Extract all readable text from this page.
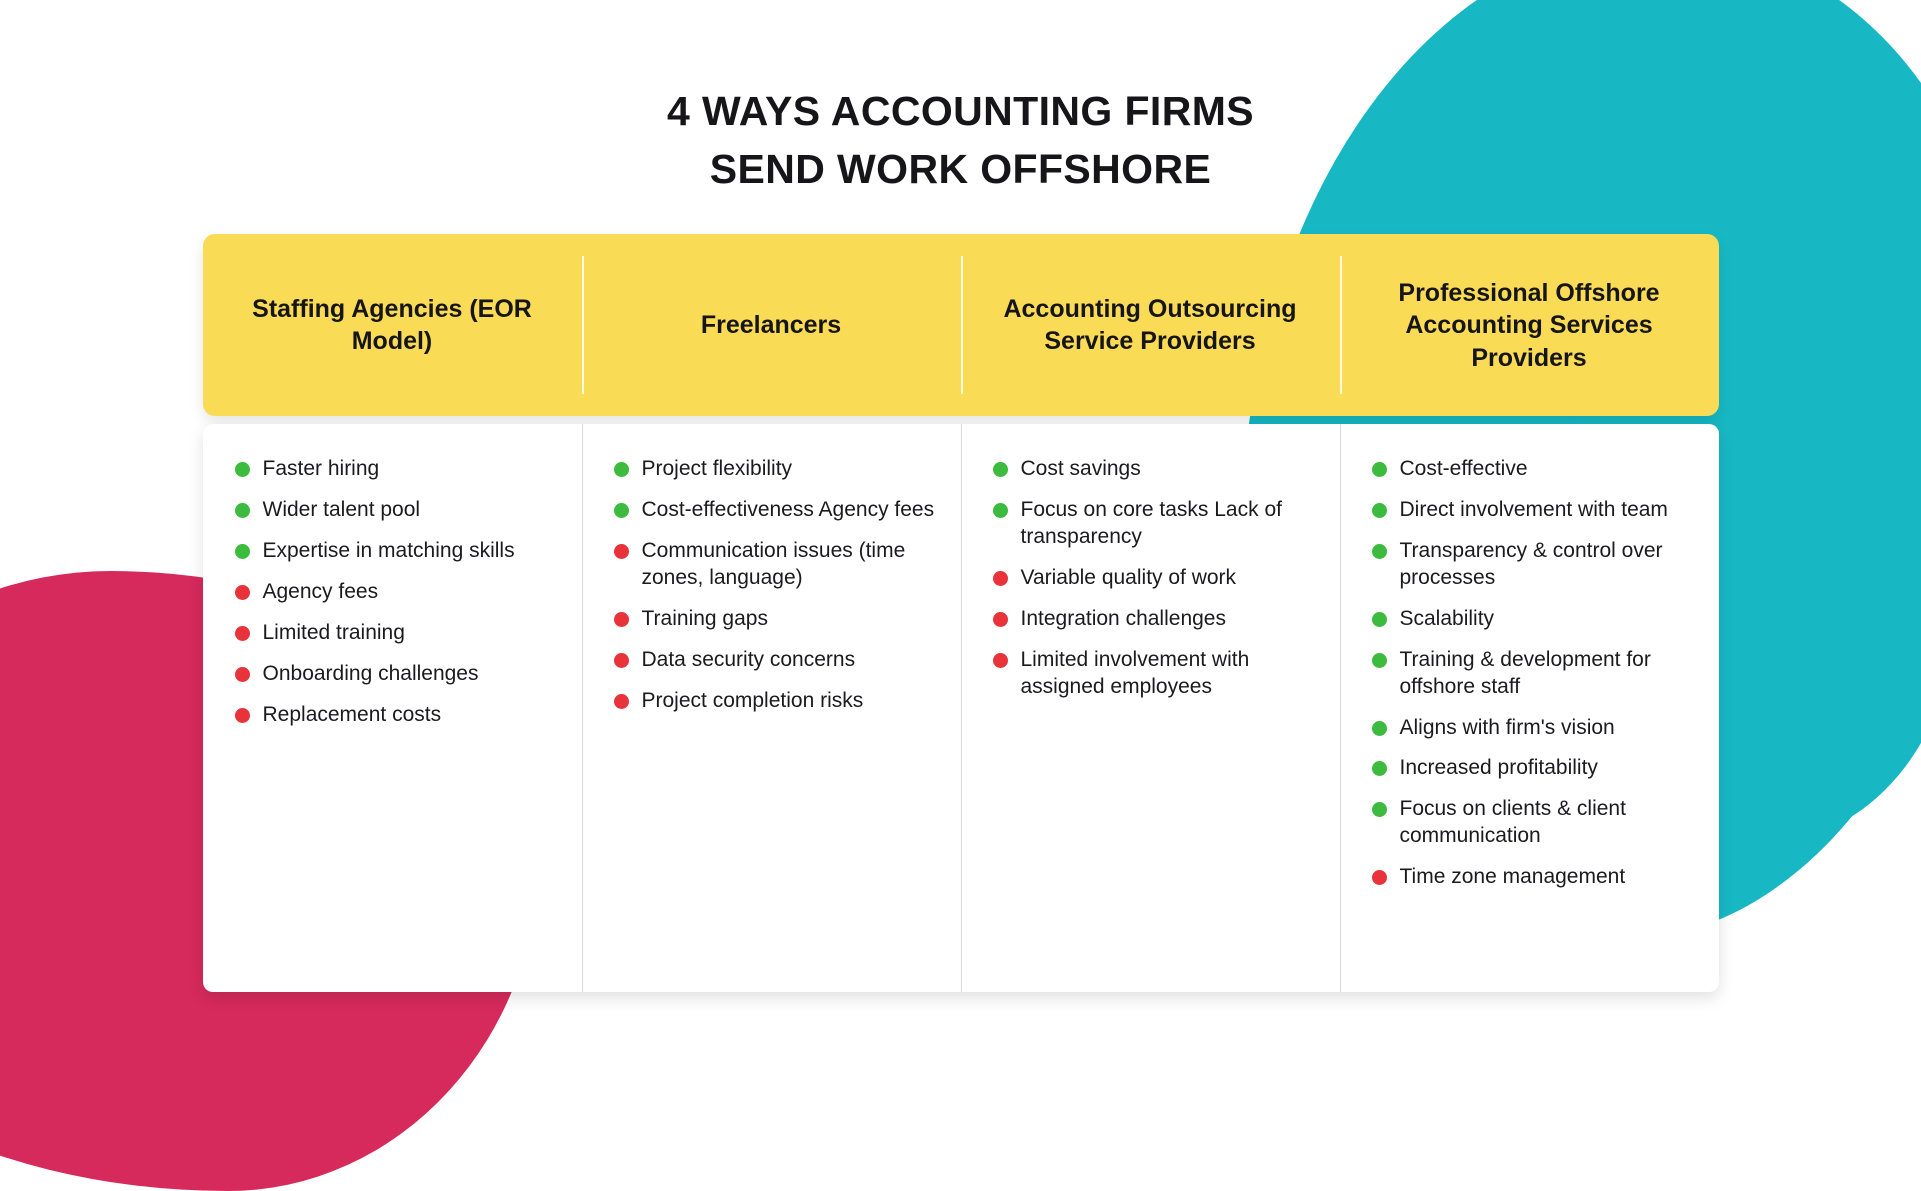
4 WAYS ACCOUNTING FIRMS
SEND WORK OFFSHORE
Staffing Agencies (EOR Model)
Freelancers
Accounting Outsourcing Service Providers
Professional Offshore Accounting Services Providers
Faster hiring
Wider talent pool
Expertise in matching skills
Agency fees
Limited training
Onboarding challenges
Replacement costs
Project flexibility
Cost-effectiveness Agency fees
Communication issues (time zones, language)
Training gaps
Data security concerns
Project completion risks
Cost savings
Focus on core tasks Lack of transparency
Variable quality of work
Integration challenges
Limited involvement with assigned employees
Cost-effective
Direct involvement with team
Transparency & control over processes
Scalability
Training & development for offshore staff
Aligns with firm's vision
Increased profitability
Focus on clients & client communication
Time zone management
